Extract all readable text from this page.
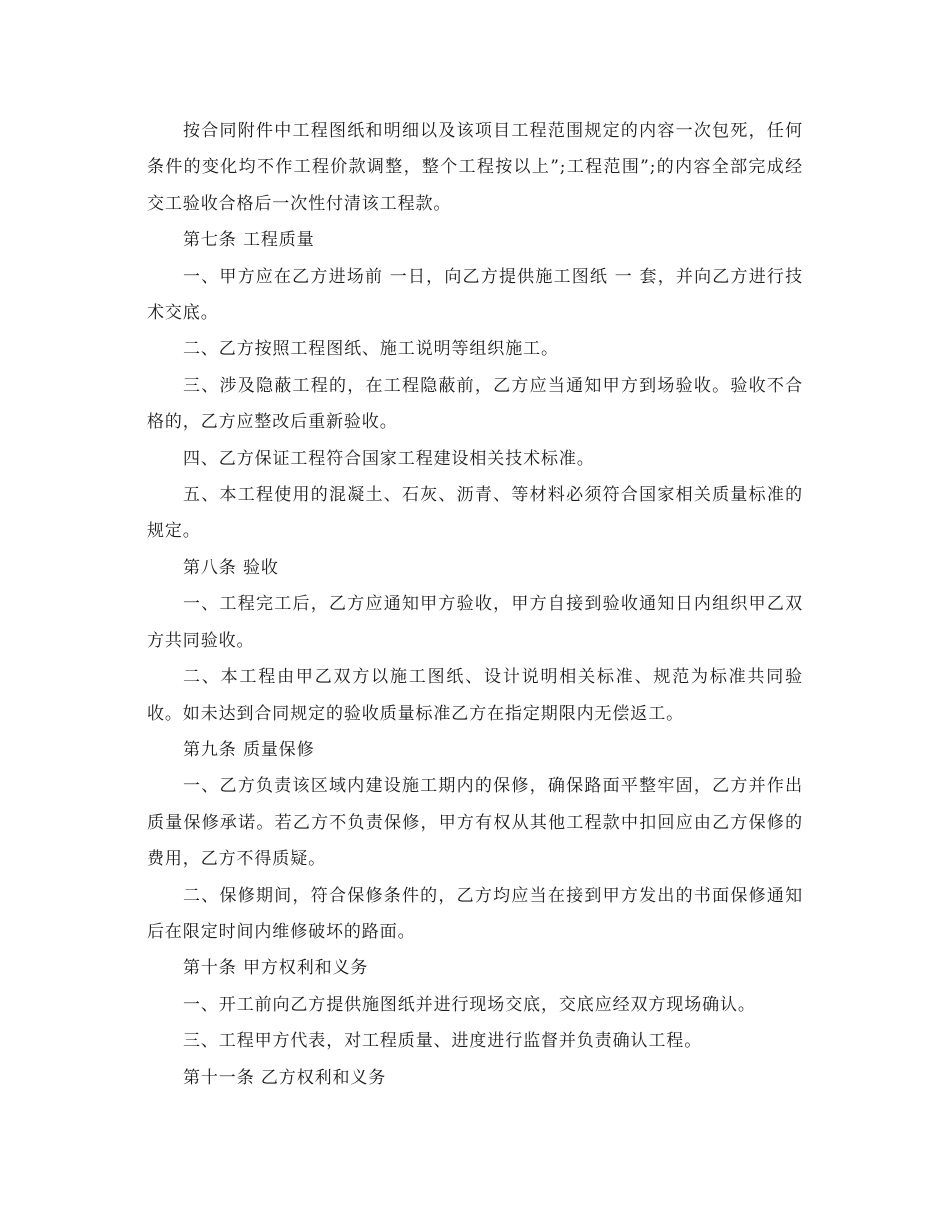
按合同附件中工程图纸和明细以及该项目工程范围规定的内容一次包死，任何条件的变化均不作工程价款调整，整个工程按以上”;工程范围”;的内容全部完成经交工验收合格后一次性付清该工程款。

第七条 工程质量

一、甲方应在乙方进场前 一日，向乙方提供施工图纸 一 套，并向乙方进行技术交底。

二、乙方按照工程图纸、施工说明等组织施工。

三、涉及隐蔽工程的，在工程隐蔽前，乙方应当通知甲方到场验收。验收不合格的，乙方应整改后重新验收。

四、乙方保证工程符合国家工程建设相关技术标准。

五、本工程使用的混凝土、石灰、沥青、等材料必须符合国家相关质量标准的规定。

第八条 验收

一、工程完工后，乙方应通知甲方验收，甲方自接到验收通知日内组织甲乙双方共同验收。

二、本工程由甲乙双方以施工图纸、设计说明相关标准、规范为标准共同验收。如未达到合同规定的验收质量标准乙方在指定期限内无偿返工。

第九条 质量保修

一、乙方负责该区域内建设施工期内的保修，确保路面平整牢固，乙方并作出质量保修承诺。若乙方不负责保修，甲方有权从其他工程款中扣回应由乙方保修的费用，乙方不得质疑。

二、保修期间，符合保修条件的，乙方均应当在接到甲方发出的书面保修通知后在限定时间内维修破坏的路面。

第十条 甲方权利和义务

一、开工前向乙方提供施图纸并进行现场交底，交底应经双方现场确认。

三、工程甲方代表，对工程质量、进度进行监督并负责确认工程。

第十一条 乙方权利和义务
